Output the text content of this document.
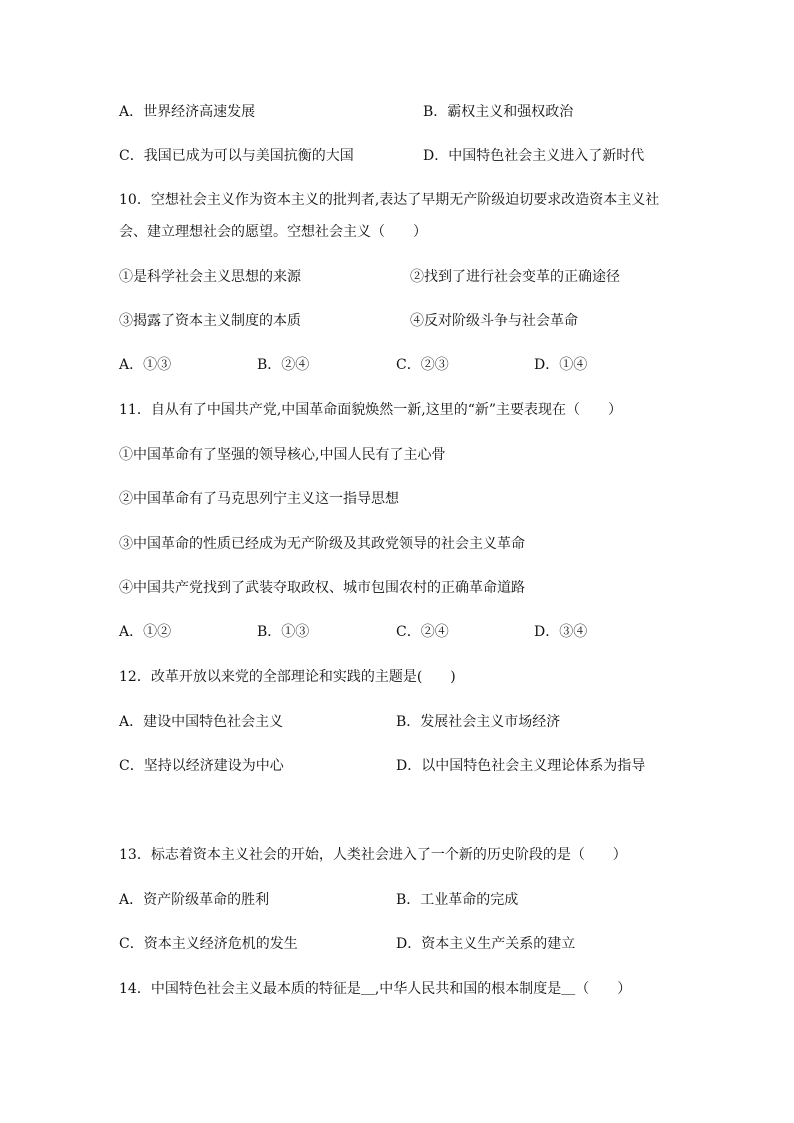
A．世界经济高速发展	B．霸权主义和强权政治
C．我国已成为可以与美国抗衡的大国	D．中国特色社会主义进入了新时代
10．空想社会主义作为资本主义的批判者,表达了早期无产阶级迫切要求改造资本主义社
会、建立理想社会的愿望。空想社会主义（　　）
①是科学社会主义思想的来源	②找到了进行社会变革的正确途径
③揭露了资本主义制度的本质	④反对阶级斗争与社会革命
A．①③	B．②④	C．②③	D．①④
11．自从有了中国共产党,中国革命面貌焕然一新,这里的“新”主要表现在（　　）
①中国革命有了坚强的领导核心,中国人民有了主心骨
②中国革命有了马克思列宁主义这一指导思想
③中国革命的性质已经成为无产阶级及其政党领导的社会主义革命
④中国共产党找到了武装夺取政权、城市包围农村的正确革命道路
A．①②	B．①③	C．②④	D．③④
12．改革开放以来党的全部理论和实践的主题是(　　)
A．建设中国特色社会主义	B．发展社会主义市场经济
C．坚持以经济建设为中心	D．以中国特色社会主义理论体系为指导
13．标志着资本主义社会的开始，人类社会进入了一个新的历史阶段的是（　　）
A．资产阶级革命的胜利	B．工业革命的完成
C．资本主义经济危机的发生	D．资本主义生产关系的建立
14．中国特色社会主义最本质的特征是＿,中华人民共和国的根本制度是＿（　　）
